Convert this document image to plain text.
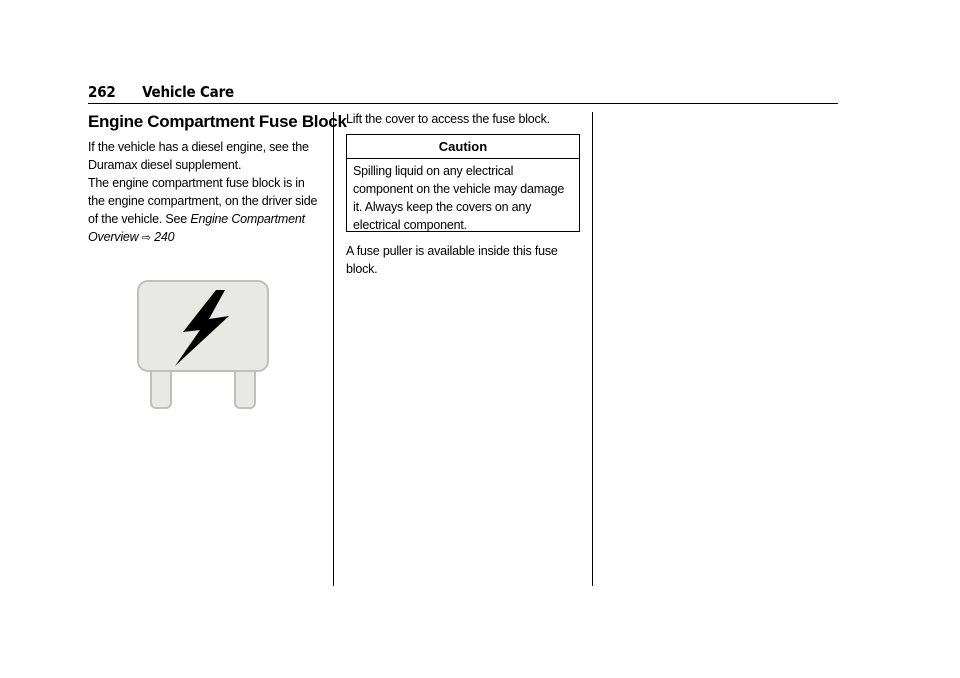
262 Vehicle Care
Engine Compartment Fuse Block
If the vehicle has a diesel engine, see the Duramax diesel supplement.
The engine compartment fuse block is in the engine compartment, on the driver side of the vehicle. See Engine Compartment Overview ⇨ 240
Lift the cover to access the fuse block.
Caution
Spilling liquid on any electrical component on the vehicle may damage it. Always keep the covers on any electrical component.
A fuse puller is available inside this fuse block.
